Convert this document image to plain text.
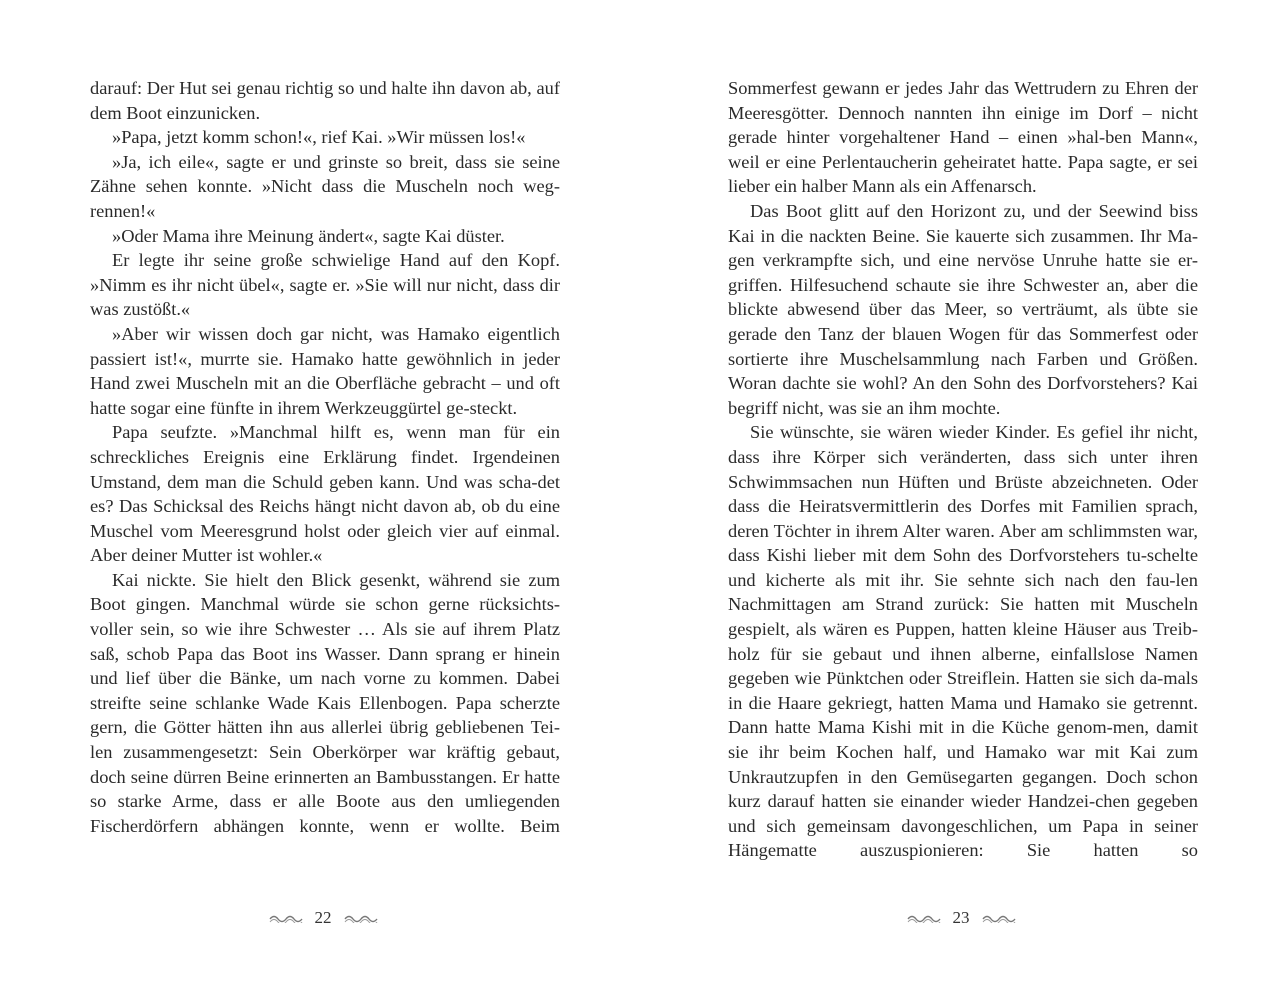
darauf: Der Hut sei genau richtig so und halte ihn davon ab, auf dem Boot einzunicken.

»Papa, jetzt komm schon!«, rief Kai. »Wir müssen los!«

»Ja, ich eile«, sagte er und grinste so breit, dass sie seine Zähne sehen konnte. »Nicht dass die Muscheln noch weg-rennen!«

»Oder Mama ihre Meinung ändert«, sagte Kai düster.

Er legte ihr seine große schwielige Hand auf den Kopf. »Nimm es ihr nicht übel«, sagte er. »Sie will nur nicht, dass dir was zustößt.«

»Aber wir wissen doch gar nicht, was Hamako eigentlich passiert ist!«, murrte sie. Hamako hatte gewöhnlich in jeder Hand zwei Muscheln mit an die Oberfläche gebracht – und oft hatte sogar eine fünfte in ihrem Werkzeuggürtel ge-steckt.

Papa seufzte. »Manchmal hilft es, wenn man für ein schreckliches Ereignis eine Erklärung findet. Irgendeinen Umstand, dem man die Schuld geben kann. Und was scha-det es? Das Schicksal des Reichs hängt nicht davon ab, ob du eine Muschel vom Meeresgrund holst oder gleich vier auf einmal. Aber deiner Mutter ist wohler.«

Kai nickte. Sie hielt den Blick gesenkt, während sie zum Boot gingen. Manchmal würde sie schon gerne rücksichts-voller sein, so wie ihre Schwester … Als sie auf ihrem Platz saß, schob Papa das Boot ins Wasser. Dann sprang er hinein und lief über die Bänke, um nach vorne zu kommen. Dabei streifte seine schlanke Wade Kais Ellenbogen. Papa scherzte gern, die Götter hätten ihn aus allerlei übrig gebliebenen Tei-len zusammengesetzt: Sein Oberkörper war kräftig gebaut, doch seine dürren Beine erinnerten an Bambusstangen. Er hatte so starke Arme, dass er alle Boote aus den umliegenden Fischerdörfern abhängen konnte, wenn er wollte. Beim

22

Sommerfest gewann er jedes Jahr das Wettrudern zu Ehren der Meeresgötter. Dennoch nannten ihn einige im Dorf – nicht gerade hinter vorgehaltener Hand – einen »hal-ben Mann«, weil er eine Perlentaucherin geheiratet hatte. Papa sagte, er sei lieber ein halber Mann als ein Affenarsch.

Das Boot glitt auf den Horizont zu, und der Seewind biss Kai in die nackten Beine. Sie kauerte sich zusammen. Ihr Ma-gen verkrampfte sich, und eine nervöse Unruhe hatte sie er-griffen. Hilfesuchend schaute sie ihre Schwester an, aber die blickte abwesend über das Meer, so verträumt, als übte sie gerade den Tanz der blauen Wogen für das Sommerfest oder sortierte ihre Muschelsammlung nach Farben und Größen. Woran dachte sie wohl? An den Sohn des Dorfvorstehers? Kai begriff nicht, was sie an ihm mochte.

Sie wünschte, sie wären wieder Kinder. Es gefiel ihr nicht, dass ihre Körper sich veränderten, dass sich unter ihren Schwimmsachen nun Hüften und Brüste abzeichneten. Oder dass die Heiratsvermittlerin des Dorfes mit Familien sprach, deren Töchter in ihrem Alter waren. Aber am schlimmsten war, dass Kishi lieber mit dem Sohn des Dorfvorstehers tu-schelte und kicherte als mit ihr. Sie sehnte sich nach den fau-len Nachmittagen am Strand zurück: Sie hatten mit Muscheln gespielt, als wären es Puppen, hatten kleine Häuser aus Treib-holz für sie gebaut und ihnen alberne, einfallslose Namen gegeben wie Pünktchen oder Streiflein. Hatten sie sich da-mals in die Haare gekriegt, hatten Mama und Hamako sie getrennt. Dann hatte Mama Kishi mit in die Küche genom-men, damit sie ihr beim Kochen half, und Hamako war mit Kai zum Unkrautzupfen in den Gemüsegarten gegangen. Doch schon kurz darauf hatten sie einander wieder Handzei-chen gegeben und sich gemeinsam davongeschlichen, um Papa in seiner Hängematte auszuspionieren: Sie hatten so

23
